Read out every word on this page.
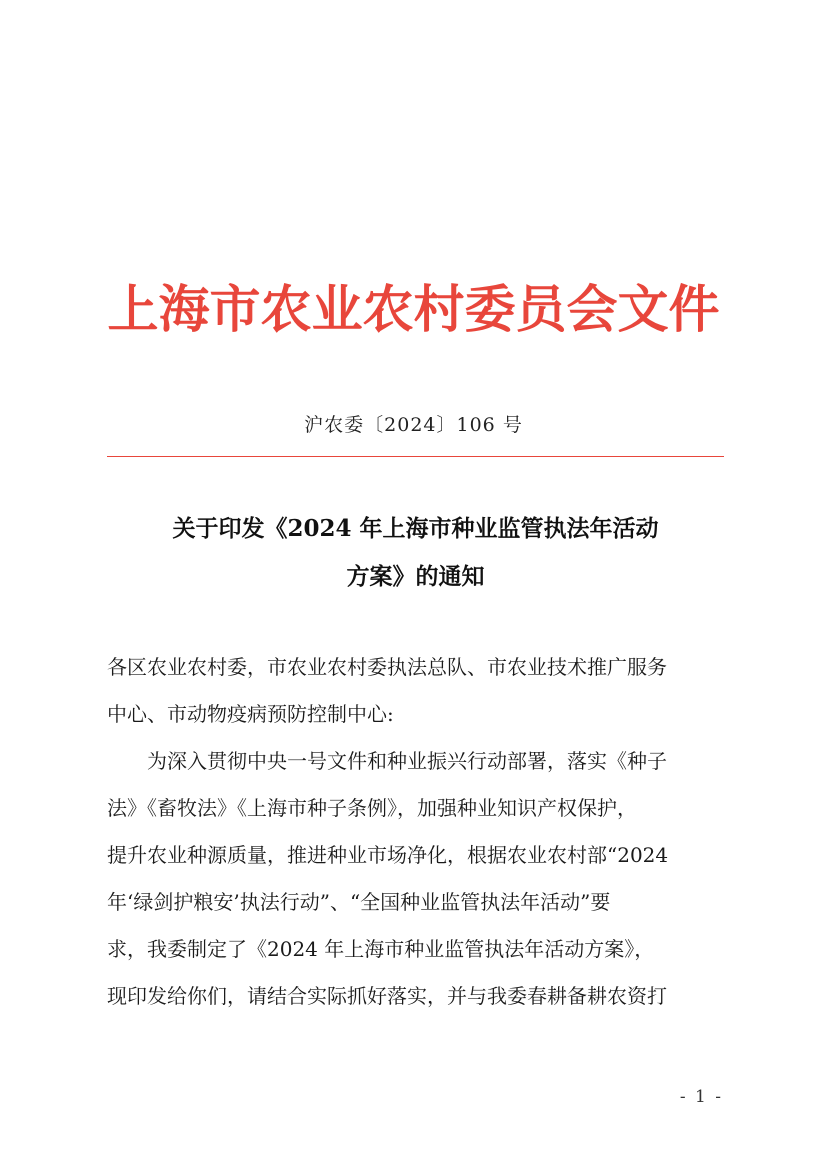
上海市农业农村委员会文件
沪农委〔2024〕106 号
关于印发《2024 年上海市种业监管执法年活动
方案》的通知

各区农业农村委，市农业农村委执法总队、市农业技术推广服务

中心、市动物疫病预防控制中心:

　　为深入贯彻中央一号文件和种业振兴行动部署，落实《种子

法》《畜牧法》《上海市种子条例》，加强种业知识产权保护，

提升农业种源质量，推进种业市场净化，根据农业农村部“2024

年‘绿剑护粮安’执法行动”、“全国种业监管执法年活动”要

求，我委制定了《2024 年上海市种业监管执法年活动方案》，

现印发给你们，请结合实际抓好落实，并与我委春耕备耕农资打

- 1 -
